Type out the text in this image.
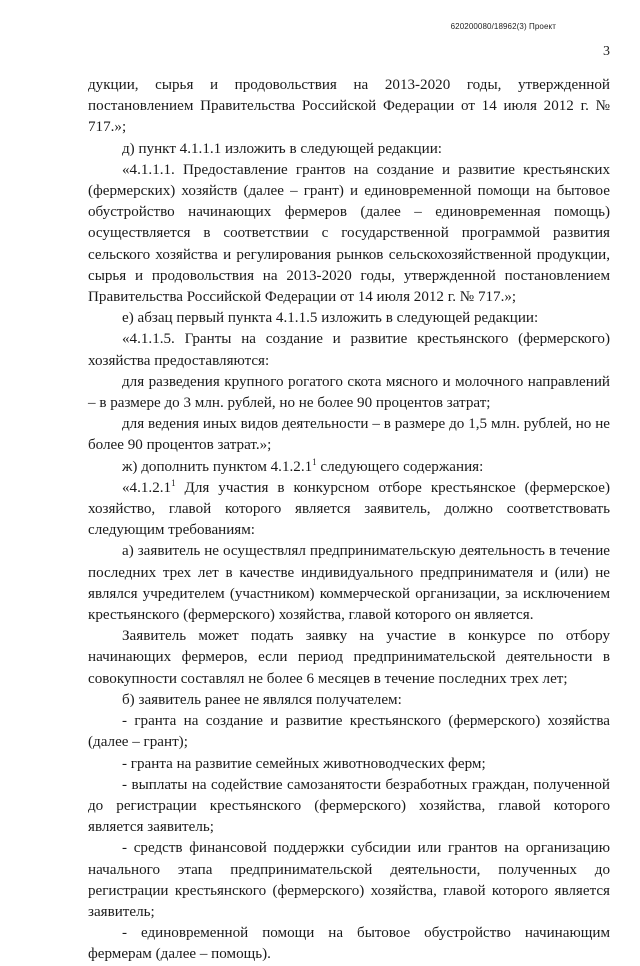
620200080/18962(3) Проект
3

дукции, сырья и продовольствия на 2013-2020 годы, утвержденной постановлением Правительства Российской Федерации от 14 июля 2012 г. № 717.»;

д) пункт 4.1.1.1 изложить в следующей редакции:

«4.1.1.1. Предоставление грантов на создание и развитие крестьянских (фермерских) хозяйств (далее – грант) и единовременной помощи на бытовое обустройство начинающих фермеров (далее – единовременная помощь) осуществляется в соответствии с государственной программой развития сельского хозяйства и регулирования рынков сельскохозяйственной продукции, сырья и продовольствия на 2013-2020 годы, утвержденной постановлением Правительства Российской Федерации от 14 июля 2012 г. № 717.»;

е) абзац первый пункта 4.1.1.5 изложить в следующей редакции:

«4.1.1.5. Гранты на создание и развитие крестьянского (фермерского) хозяйства предоставляются:

для разведения крупного рогатого скота мясного и молочного направлений – в размере до 3 млн. рублей, но не более 90 процентов затрат;

для ведения иных видов деятельности – в размере до 1,5 млн. рублей, но не более 90 процентов затрат.»;

ж) дополнить пунктом 4.1.2.1$^1$ следующего содержания:

«4.1.2.1$^1$ Для участия в конкурсном отборе крестьянское (фермерское) хозяйство, главой которого является заявитель, должно соответствовать следующим требованиям:

а) заявитель не осуществлял предпринимательскую деятельность в течение последних трех лет в качестве индивидуального предпринимателя и (или) не являлся учредителем (участником) коммерческой организации, за исключением крестьянского (фермерского) хозяйства, главой которого он является.

Заявитель может подать заявку на участие в конкурсе по отбору начинающих фермеров, если период предпринимательской деятельности в совокупности составлял не более 6 месяцев в течение последних трех лет;

б) заявитель ранее не являлся получателем:

- гранта на создание и развитие крестьянского (фермерского) хозяйства (далее – грант);

- гранта на развитие семейных животноводческих ферм;

- выплаты на содействие самозанятости безработных граждан, полученной до регистрации крестьянского (фермерского) хозяйства, главой которого является заявитель;

- средств финансовой поддержки субсидии или грантов на организацию начального этапа предпринимательской деятельности, полученных до регистрации крестьянского (фермерского) хозяйства, главой которого является заявитель;

- единовременной помощи на бытовое обустройство начинающим фермерам (далее – помощь).
